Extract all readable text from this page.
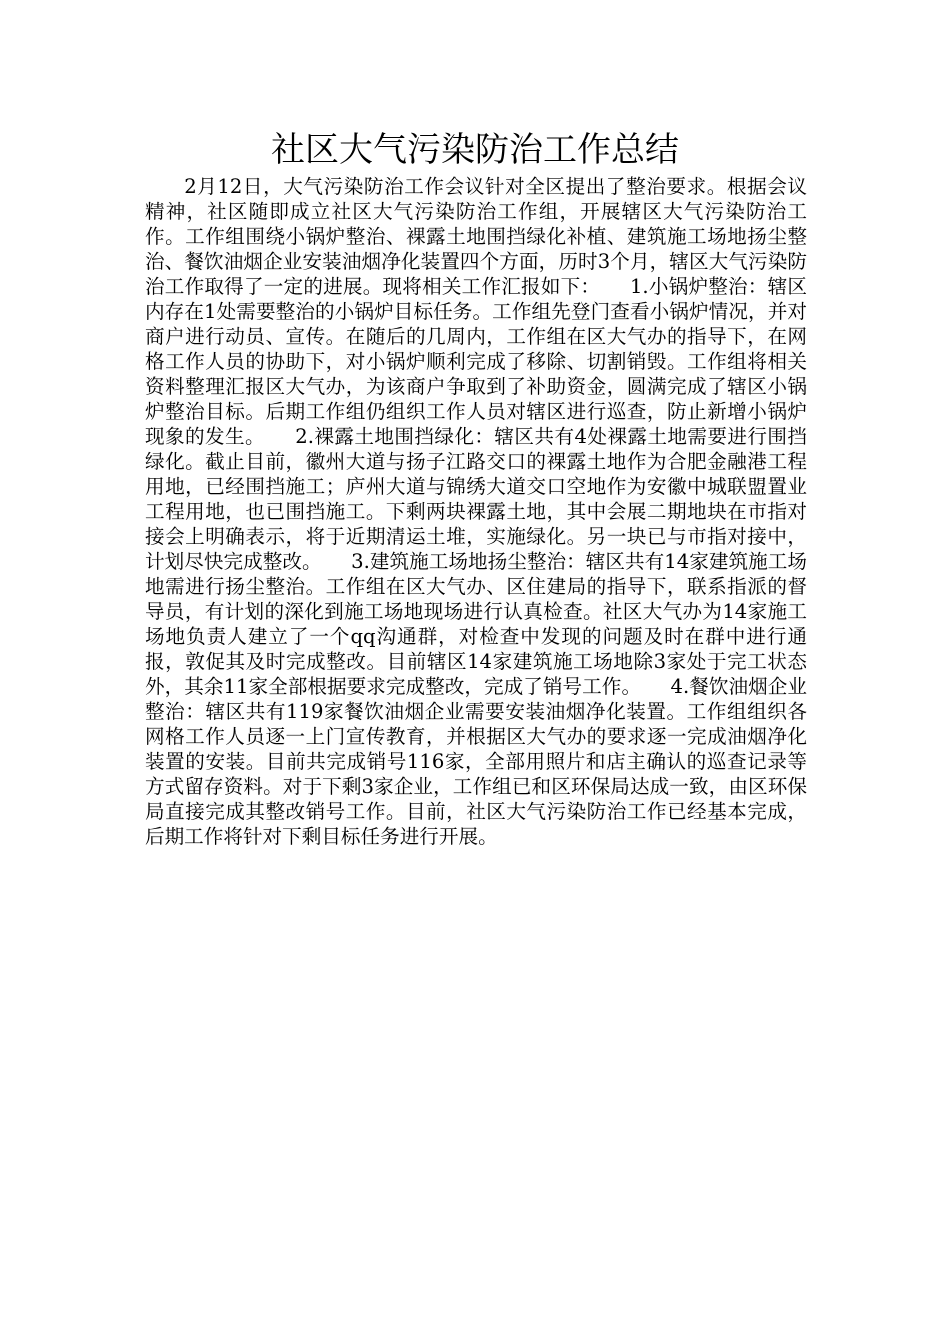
社区大气污染防治工作总结

2月12日，大气污染防治工作会议针对全区提出了整治要求。根据会议精神，社区随即成立社区大气污染防治工作组，开展辖区大气污染防治工作。工作组围绕小锅炉整治、裸露土地围挡绿化补植、建筑施工场地扬尘整治、餐饮油烟企业安装油烟净化装置四个方面，历时3个月，辖区大气污染防治工作取得了一定的进展。现将相关工作汇报如下：　　1.小锅炉整治：辖区内存在1处需要整治的小锅炉目标任务。工作组先登门查看小锅炉情况，并对商户进行动员、宣传。在随后的几周内，工作组在区大气办的指导下，在网格工作人员的协助下，对小锅炉顺利完成了移除、切割销毁。工作组将相关资料整理汇报区大气办，为该商户争取到了补助资金，圆满完成了辖区小锅炉整治目标。后期工作组仍组织工作人员对辖区进行巡查，防止新增小锅炉现象的发生。　　2.裸露土地围挡绿化：辖区共有4处裸露土地需要进行围挡绿化。截止目前，徽州大道与扬子江路交口的裸露土地作为合肥金融港工程用地，已经围挡施工；庐州大道与锦绣大道交口空地作为安徽中城联盟置业工程用地，也已围挡施工。下剩两块裸露土地，其中会展二期地块在市指对接会上明确表示，将于近期清运土堆，实施绿化。另一块已与市指对接中，计划尽快完成整改。　　3.建筑施工场地扬尘整治：辖区共有14家建筑施工场地需进行扬尘整治。工作组在区大气办、区住建局的指导下，联系指派的督导员，有计划的深化到施工场地现场进行认真检查。社区大气办为14家施工场地负责人建立了一个qq沟通群，对检查中发现的问题及时在群中进行通报，敦促其及时完成整改。目前辖区14家建筑施工场地除3家处于完工状态外，其余11家全部根据要求完成整改，完成了销号工作。　　4.餐饮油烟企业整治：辖区共有119家餐饮油烟企业需要安装油烟净化装置。工作组组织各网格工作人员逐一上门宣传教育，并根据区大气办的要求逐一完成油烟净化装置的安装。目前共完成销号116家，全部用照片和店主确认的巡查记录等方式留存资料。对于下剩3家企业，工作组已和区环保局达成一致，由区环保局直接完成其整改销号工作。目前，社区大气污染防治工作已经基本完成，后期工作将针对下剩目标任务进行开展。
